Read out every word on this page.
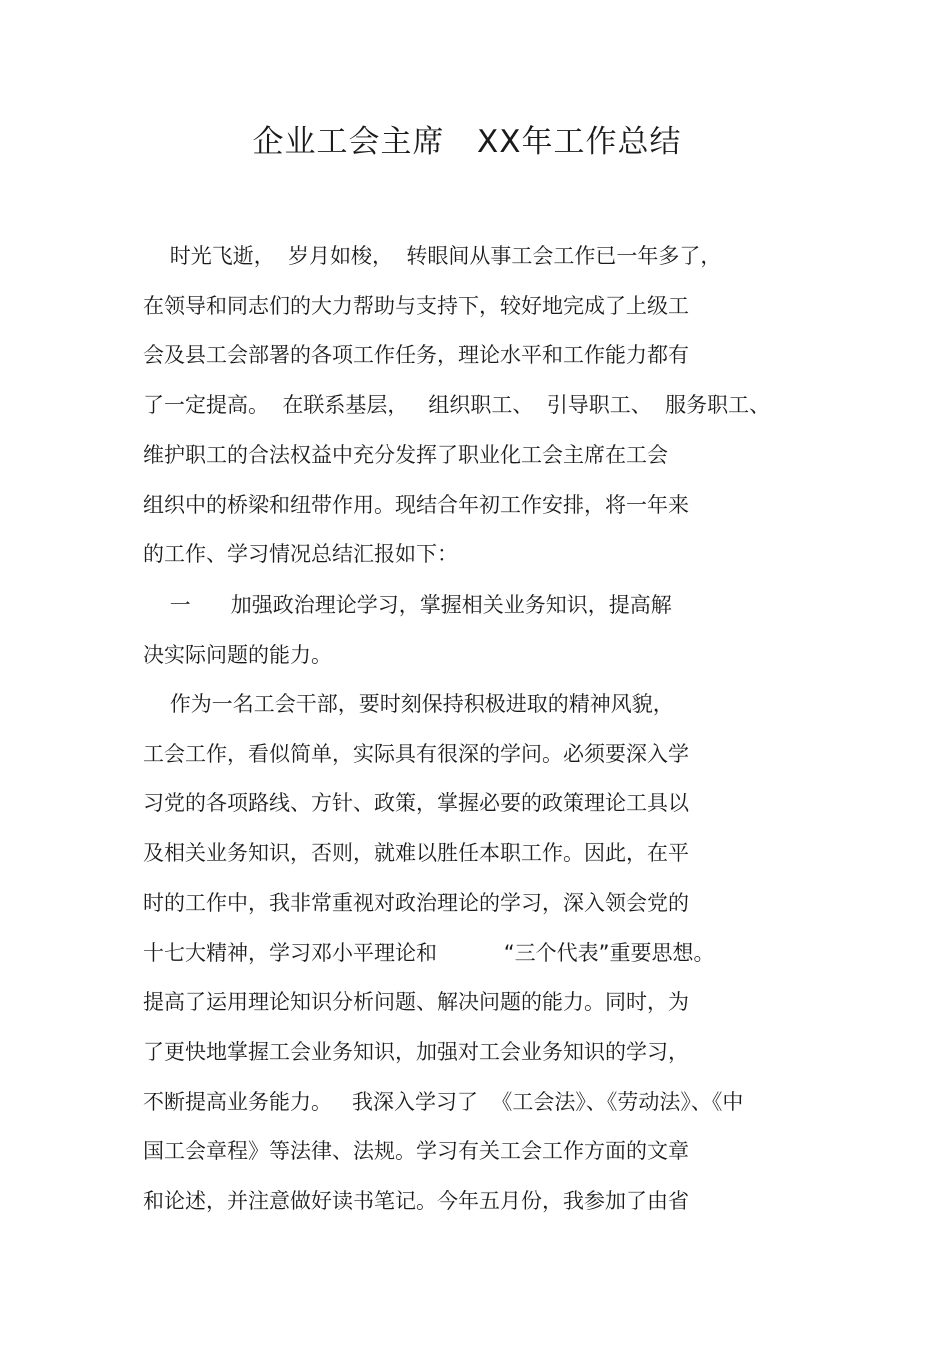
企业工会主席   XX年工作总结
时光飞逝，  岁月如梭，  转眼间从事工会工作已一年多了，
在领导和同志们的大力帮助与支持下，较好地完成了上级工
会及县工会部署的各项工作任务，理论水平和工作能力都有
了一定提高。  在联系基层，   组织职工、  引导职工、  服务职工、
维护职工的合法权益中充分发挥了职业化工会主席在工会
组织中的桥梁和纽带作用。现结合年初工作安排，将一年来
的工作、学习情况总结汇报如下：
一      加强政治理论学习，掌握相关业务知识，提高解
决实际问题的能力。
作为一名工会干部，要时刻保持积极进取的精神风貌，
工会工作，看似简单，实际具有很深的学问。必须要深入学
习党的各项路线、方针、政策，掌握必要的政策理论工具以
及相关业务知识，否则，就难以胜任本职工作。因此，在平
时的工作中，我非常重视对政治理论的学习，深入领会党的
十七大精神，学习邓小平理论和          “三个代表”重要思想。
提高了运用理论知识分析问题、解决问题的能力。同时，为
了更快地掌握工会业务知识，加强对工会业务知识的学习，
不断提高业务能力。   我深入学习了  《工会法》、《劳动法》、《中
国工会章程》等法律、法规。学习有关工会工作方面的文章
和论述，并注意做好读书笔记。今年五月份，我参加了由省
